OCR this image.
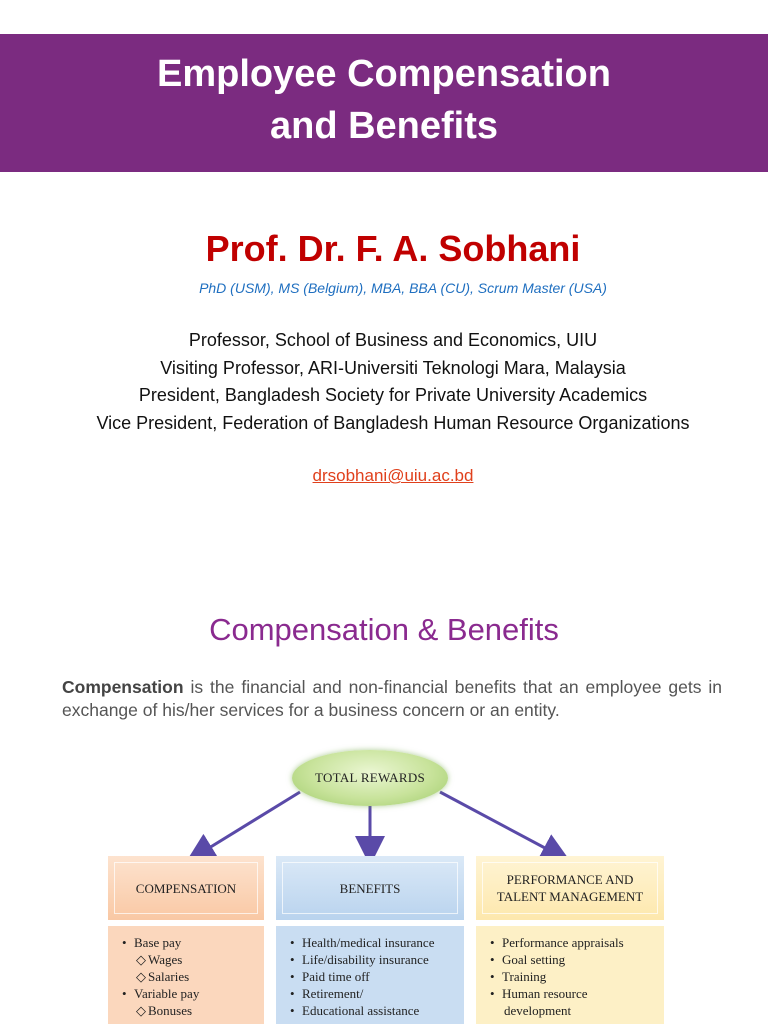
Employee Compensation
and Benefits
Prof. Dr. F. A. Sobhani
PhD (USM), MS (Belgium), MBA, BBA (CU), Scrum Master (USA)
Professor, School of Business and Economics, UIU
Visiting Professor, ARI-Universiti Teknologi Mara, Malaysia
President, Bangladesh Society for Private University Academics
Vice President, Federation of Bangladesh Human Resource Organizations
drsobhani@uiu.ac.bd
Compensation & Benefits
Compensation is the financial and non-financial benefits that an employee gets in exchange of his/her services for a business concern or an entity.
TOTAL REWARDS
COMPENSATION	BENEFITS
PERFORMANCE AND
TALENT MANAGEMENT
• Base pay
◇ Wages
◇ Salaries
• Variable pay
◇ Bonuses
• Health/medical insurance
• Life/disability insurance
• Paid time off
• Retirement/
• Educational assistance
• Performance appraisals
• Goal setting
• Training
• Human resource
development
